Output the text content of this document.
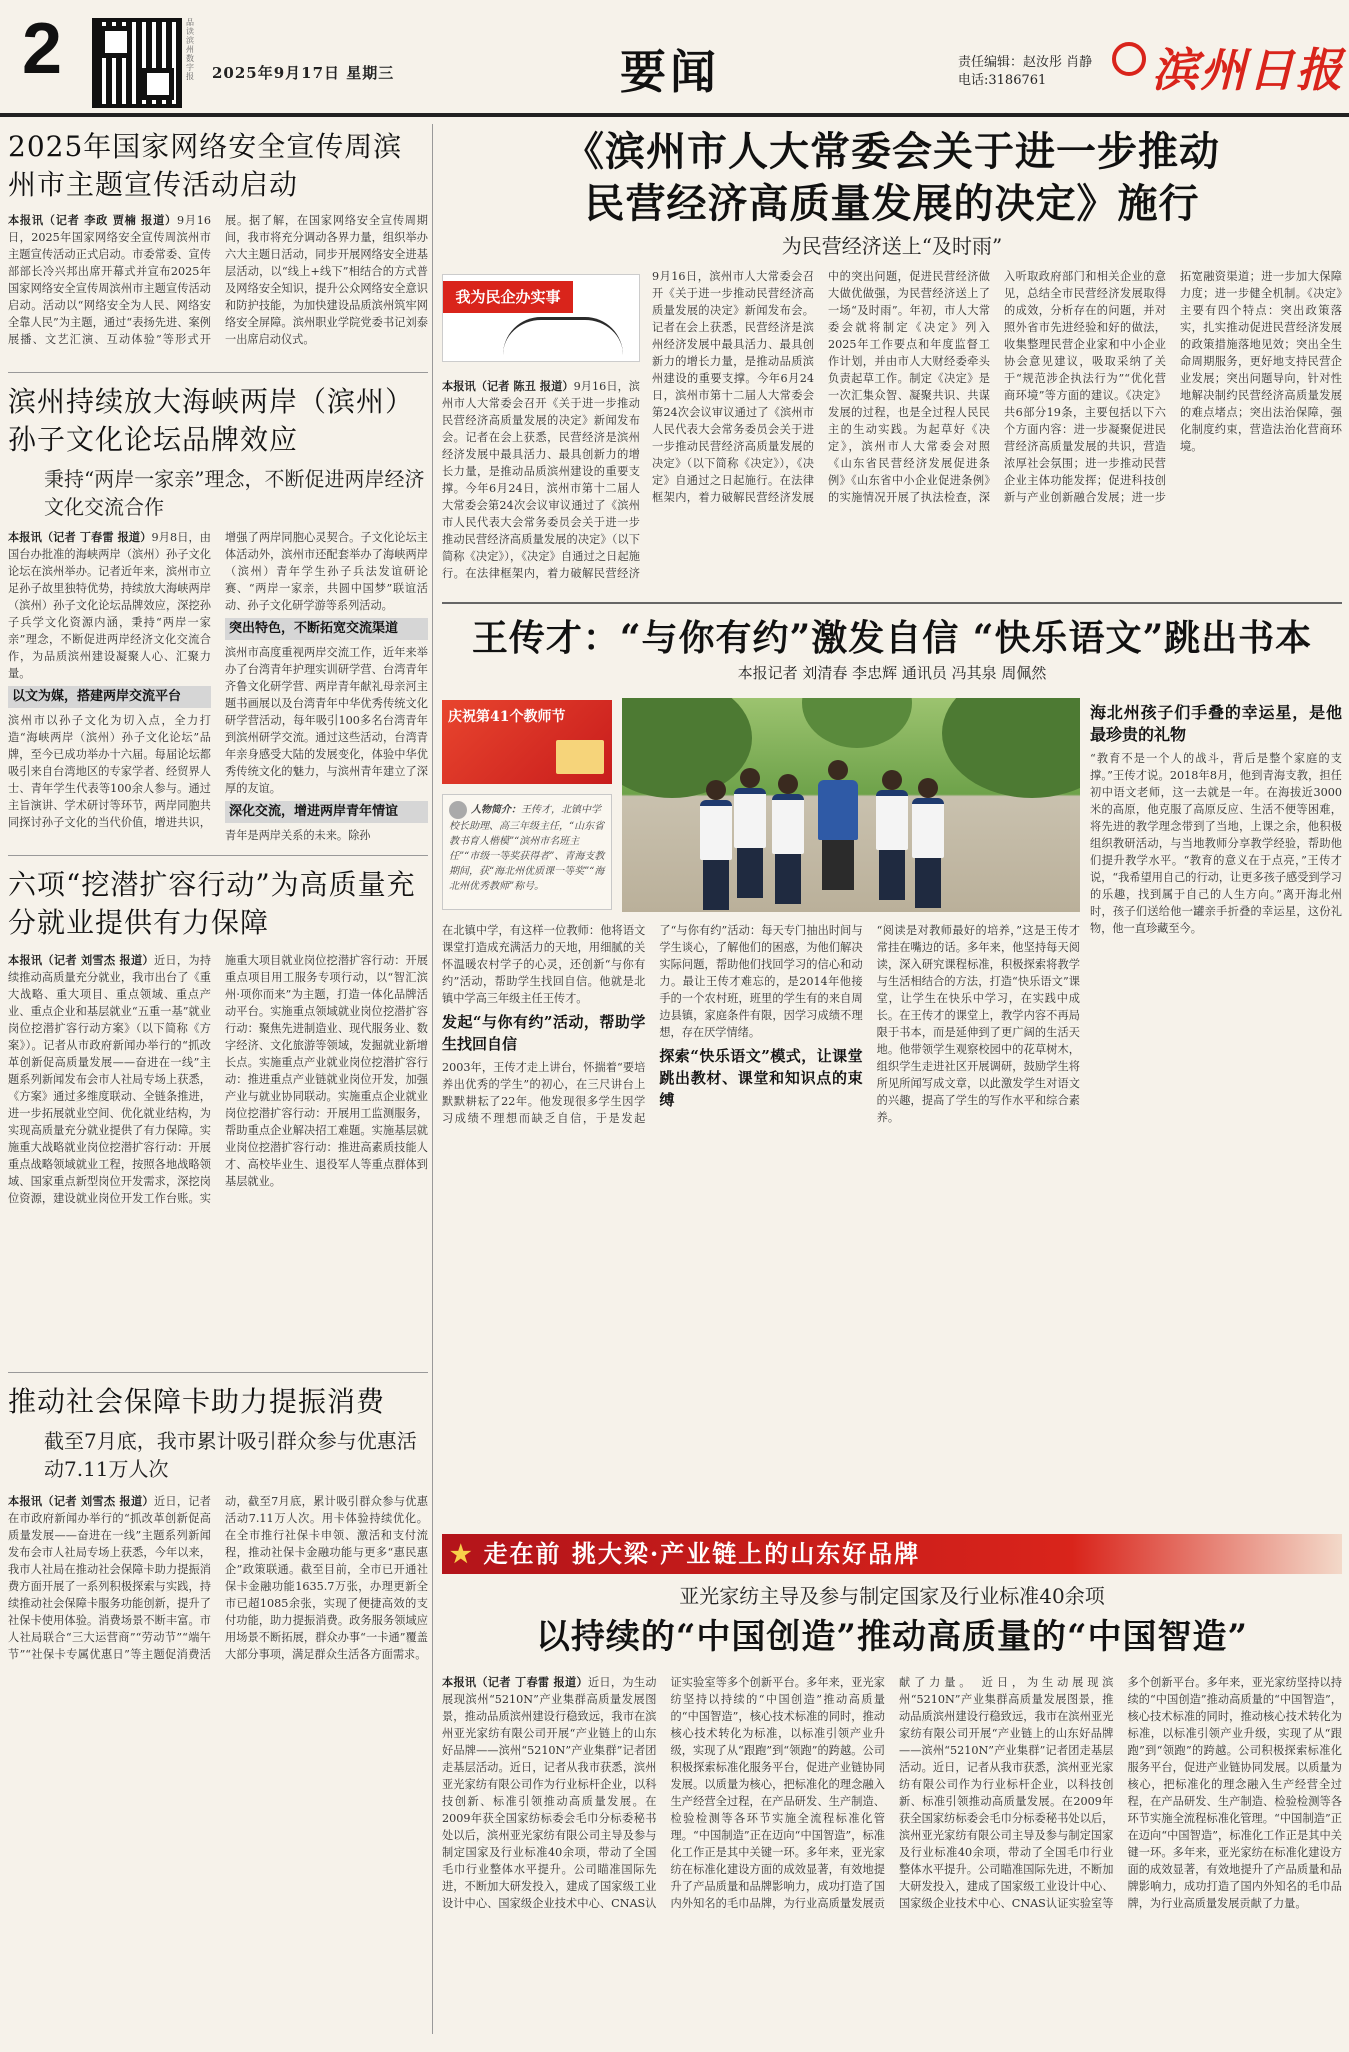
2	品读滨州数字报 2025年9月17日 星期三	要闻	责任编辑：赵汝彤 肖静
电话:3186761	滨州日报
2025年国家网络安全宣传周滨州市主题宣传活动启动
本报讯（记者 李政 贾楠 报道）9月16日，2025年国家网络安全宣传周滨州市主题宣传活动正式启动。市委常委、宣传部部长冷兴邦出席开幕式并宣布2025年国家网络安全宣传周滨州市主题宣传活动启动。活动以“网络安全为人民、网络安全靠人民”为主题，通过“表扬先进、案例展播、文艺汇演、互动体验”等形式开展。据了解，在国家网络安全宣传周期间，我市将充分调动各界力量，组织举办六大主题日活动，同步开展网络安全进基层活动，以“线上+线下”相结合的方式普及网络安全知识，提升公众网络安全意识和防护技能，为加快建设品质滨州筑牢网络安全屏障。滨州职业学院党委书记刘泰一出席启动仪式。
滨州持续放大海峡两岸（滨州）孙子文化论坛品牌效应
秉持“两岸一家亲”理念，不断促进两岸经济文化交流合作
本报讯（记者 丁春雷 报道）9月8日，由国台办批准的海峡两岸（滨州）孙子文化论坛在滨州举办。记者近年来，滨州市立足孙子故里独特优势，持续放大海峡两岸（滨州）孙子文化论坛品牌效应，深挖孙子兵学文化资源内涵，秉持“两岸一家亲”理念，不断促进两岸经济文化交流合作，为品质滨州建设凝聚人心、汇聚力量。
以文为媒，搭建两岸交流平台
滨州市以孙子文化为切入点，全力打造“海峡两岸（滨州）孙子文化论坛”品牌，至今已成功举办十六届。每届论坛都吸引来自台湾地区的专家学者、经贸界人士、青年学生代表等100余人参与。通过主旨演讲、学术研讨等环节，两岸同胞共同探讨孙子文化的当代价值，增进共识，增强了两岸同胞心灵契合。子文化论坛主体活动外，滨州市还配套举办了海峡两岸（滨州）青年学生孙子兵法发谊研论赛、“两岸一家亲，共圆中国梦”联谊活动、孙子文化研学游等系列活动。
突出特色，不断拓宽交流渠道
滨州市高度重视两岸交流工作，近年来举办了台湾青年护理实训研学营、台湾青年齐鲁文化研学营、两岸青年献礼母亲河主题书画展以及台湾青年中华优秀传统文化研学营活动，每年吸引100多名台湾青年到滨州研学交流。通过这些活动，台湾青年亲身感受大陆的发展变化，体验中华优秀传统文化的魅力，与滨州青年建立了深厚的友谊。
深化交流，增进两岸青年情谊
青年是两岸关系的未来。除孙
六项“挖潜扩容行动”为高质量充分就业提供有力保障
本报讯（记者 刘雪杰 报道）近日，为持续推动高质量充分就业，我市出台了《重大战略、重大项目、重点领域、重点产业、重点企业和基层就业“五重一基”就业岗位挖潜扩容行动方案》（以下简称《方案》）。记者从市政府新闻办举行的“抓改革创新促高质量发展——奋进在一线”主题系列新闻发布会市人社局专场上获悉，《方案》通过多维度联动、全链条推进，进一步拓展就业空间、优化就业结构，为实现高质量充分就业提供了有力保障。实施重大战略就业岗位挖潜扩容行动：开展重点战略领域就业工程，按照各地战略领域、国家重点新型岗位开发需求，深挖岗位资源，建设就业岗位开发工作台账。实施重大项目就业岗位挖潜扩容行动：开展重点项目用工服务专项行动，以“智汇滨州·项你而来”为主题，打造一体化品牌活动平台。实施重点领域就业岗位挖潜扩容行动：聚焦先进制造业、现代服务业、数字经济、文化旅游等领域，发掘就业新增长点。实施重点产业就业岗位挖潜扩容行动：推进重点产业链就业岗位开发，加强产业与就业协同联动。实施重点企业就业岗位挖潜扩容行动：开展用工监测服务，帮助重点企业解决招工难题。实施基层就业岗位挖潜扩容行动：推进高素质技能人才、高校毕业生、退役军人等重点群体到基层就业。
推动社会保障卡助力提振消费
截至7月底，我市累计吸引群众参与优惠活动7.11万人次
本报讯（记者 刘雪杰 报道）近日，记者在市政府新闻办举行的“抓改革创新促高质量发展——奋进在一线”主题系列新闻发布会市人社局专场上获悉，今年以来，我市人社局在推动社会保障卡助力提振消费方面开展了一系列积极探索与实践，持续推动社会保障卡服务功能创新，提升了社保卡使用体验。消费场景不断丰富。市人社局联合“三大运营商”“劳动节”“端午节”“社保卡专属优惠日”等主题促消费活动，截至7月底，累计吸引群众参与优惠活动7.11万人次。用卡体验持续优化。在全市推行社保卡申领、激活和支付流程，推动社保卡金融功能与更多“惠民惠企”政策联通。截至目前，全市已开通社保卡金融功能1635.7万张，办理更新全市已超1085余张，实现了便捷高效的支付功能，助力提振消费。政务服务领域应用场景不断拓展，群众办事“一卡通”覆盖大部分事项，满足群众生活各方面需求。
《滨州市人大常委会关于进一步推动
民营经济高质量发展的决定》施行
为民营经济送上“及时雨”
我为民企办实事
本报讯（记者 陈丑 报道）9月16日，滨州市人大常委会召开《关于进一步推动民营经济高质量发展的决定》新闻发布会。记者在会上获悉，民营经济是滨州经济发展中最具活力、最具创新力的增长力量，是推动品质滨州建设的重要支撑。今年6月24日，滨州市第十二届人大常委会第24次会议审议通过了《滨州市人民代表大会常务委员会关于进一步推动民营经济高质量发展的决定》（以下简称《决定》），《决定》自通过之日起施行。在法律框架内，着力破解民营经济
9月16日，滨州市人大常委会召开《关于进一步推动民营经济高质量发展的决定》新闻发布会。记者在会上获悉，民营经济是滨州经济发展中最具活力、最具创新力的增长力量，是推动品质滨州建设的重要支撑。今年6月24日，滨州市第十二届人大常委会第24次会议审议通过了《滨州市人民代表大会常务委员会关于进一步推动民营经济高质量发展的决定》（以下简称《决定》），《决定》自通过之日起施行。在法律框架内，着力破解民营经济发展中的突出问题，促进民营经济做大做优做强，为民营经济送上了一场“及时雨”。年初，市人大常委会就将制定《决定》列入2025年工作要点和年度监督工作计划，并由市人大财经委牵头负责起草工作。制定《决定》是一次汇集众智、凝聚共识、共谋发展的过程，也是全过程人民民主的生动实践。为起草好《决定》，滨州市人大常委会对照《山东省民营经济发展促进条例》《山东省中小企业促进条例》的实施情况开展了执法检查，深入听取政府部门和相关企业的意见，总结全市民营经济发展取得的成效，分析存在的问题，并对照外省市先进经验和好的做法，收集整理民营企业家和中小企业协会意见建议，吸取采纳了关于“规范涉企执法行为”“优化营商环境”等方面的建议。《决定》共6部分19条，主要包括以下六个方面内容：进一步凝聚促进民营经济高质量发展的共识，营造浓厚社会氛围；进一步推动民营企业主体功能发挥；促进科技创新与产业创新融合发展；进一步拓宽融资渠道；进一步加大保障力度；进一步健全机制。《决定》主要有四个特点：突出政策落实，扎实推动促进民营经济发展的政策措施落地见效；突出全生命周期服务，更好地支持民营企业发展；突出问题导向，针对性地解决制约民营经济高质量发展的难点堵点；突出法治保障，强化制度约束，营造法治化营商环境。
王传才：“与你有约”激发自信 “快乐语文”跳出书本
本报记者 刘清春 李忠辉 通讯员 冯其泉 周佩然
庆祝第41个教师节
人物简介：王传才，北镇中学校长助理、高三年级主任，“山东省教书育人楷模”“滨州市名班主任”“市级一等奖获得者”、青海支教期间，获“海北州优质课一等奖”“海北州优秀教师”称号。
海北州孩子们手叠的幸运星，是他最珍贵的礼物
“教育不是一个人的战斗，背后是整个家庭的支撑。”王传才说。2018年8月，他到青海支教，担任初中语文老师，这一去就是一年。在海拔近3000米的高原，他克服了高原反应、生活不便等困难，将先进的教学理念带到了当地，上课之余，他积极组织教研活动，与当地教师分享教学经验，帮助他们提升教学水平。“教育的意义在于点亮，”王传才说，“我希望用自己的行动，让更多孩子感受到学习的乐趣，找到属于自己的人生方向。”离开海北州时，孩子们送给他一罐亲手折叠的幸运星，这份礼物，他一直珍藏至今。
在北镇中学，有这样一位教师：他将语文课堂打造成充满活力的天地，用细腻的关怀温暖农村学子的心灵，还创新“与你有约”活动，帮助学生找回自信。他就是北镇中学高三年级主任王传才。
发起“与你有约”活动，帮助学生找回自信
2003年，王传才走上讲台，怀揣着“要培养出优秀的学生”的初心，在三尺讲台上默默耕耘了22年。他发现很多学生因学习成绩不理想而缺乏自信，于是发起了“与你有约”活动：每天专门抽出时间与学生谈心，了解他们的困惑，为他们解决实际问题，帮助他们找回学习的信心和动力。最让王传才难忘的，是2014年他接手的一个农村班，班里的学生有的来自周边县镇，家庭条件有限，因学习成绩不理想，存在厌学情绪。
探索“快乐语文”模式，让课堂跳出教材、课堂和知识点的束缚
“阅读是对教师最好的培养，”这是王传才常挂在嘴边的话。多年来，他坚持每天阅读，深入研究课程标准，积极探索将教学与生活相结合的方法，打造“快乐语文”课堂，让学生在快乐中学习，在实践中成长。在王传才的课堂上，教学内容不再局限于书本，而是延伸到了更广阔的生活天地。他带领学生观察校园中的花草树木，组织学生走进社区开展调研，鼓励学生将所见所闻写成文章，以此激发学生对语文的兴趣，提高了学生的写作水平和综合素养。
★ 走在前 挑大梁·产业链上的山东好品牌
亚光家纺主导及参与制定国家及行业标准40余项
以持续的“中国创造”推动高质量的“中国智造”
本报讯（记者 丁春雷 报道）近日，为生动展现滨州“5210N”产业集群高质量发展图景，推动品质滨州建设行稳致远，我市在滨州亚光家纺有限公司开展“产业链上的山东好品牌——滨州“5210N”产业集群”记者团走基层活动。近日，记者从我市获悉，滨州亚光家纺有限公司作为行业标杆企业，以科技创新、标准引领推动高质量发展。在2009年获全国家纺标委会毛巾分标委秘书处以后，滨州亚光家纺有限公司主导及参与制定国家及行业标准40余项，带动了全国毛巾行业整体水平提升。公司瞄准国际先进，不断加大研发投入，建成了国家级工业设计中心、国家级企业技术中心、CNAS认证实验室等多个创新平台。多年来，亚光家纺坚持以持续的“中国创造”推动高质量的“中国智造”，核心技术标准的同时，推动核心技术转化为标准，以标准引领产业升级，实现了从“跟跑”到“领跑”的跨越。公司积极探索标准化服务平台，促进产业链协同发展。以质量为核心，把标准化的理念融入生产经营全过程，在产品研发、生产制造、检验检测等各环节实施全流程标准化管理。“中国制造”正在迈向“中国智造”，标准化工作正是其中关键一环。多年来，亚光家纺在标准化建设方面的成效显著，有效地提升了产品质量和品牌影响力，成功打造了国内外知名的毛巾品牌，为行业高质量发展贡献了力量。 近日，为生动展现滨州“5210N”产业集群高质量发展图景，推动品质滨州建设行稳致远，我市在滨州亚光家纺有限公司开展“产业链上的山东好品牌——滨州“5210N”产业集群”记者团走基层活动。近日，记者从我市获悉，滨州亚光家纺有限公司作为行业标杆企业，以科技创新、标准引领推动高质量发展。在2009年获全国家纺标委会毛巾分标委秘书处以后，滨州亚光家纺有限公司主导及参与制定国家及行业标准40余项，带动了全国毛巾行业整体水平提升。公司瞄准国际先进，不断加大研发投入，建成了国家级工业设计中心、国家级企业技术中心、CNAS认证实验室等多个创新平台。多年来，亚光家纺坚持以持续的“中国创造”推动高质量的“中国智造”，核心技术标准的同时，推动核心技术转化为标准，以标准引领产业升级，实现了从“跟跑”到“领跑”的跨越。公司积极探索标准化服务平台，促进产业链协同发展。以质量为核心，把标准化的理念融入生产经营全过程，在产品研发、生产制造、检验检测等各环节实施全流程标准化管理。“中国制造”正在迈向“中国智造”，标准化工作正是其中关键一环。多年来，亚光家纺在标准化建设方面的成效显著，有效地提升了产品质量和品牌影响力，成功打造了国内外知名的毛巾品牌，为行业高质量发展贡献了力量。
